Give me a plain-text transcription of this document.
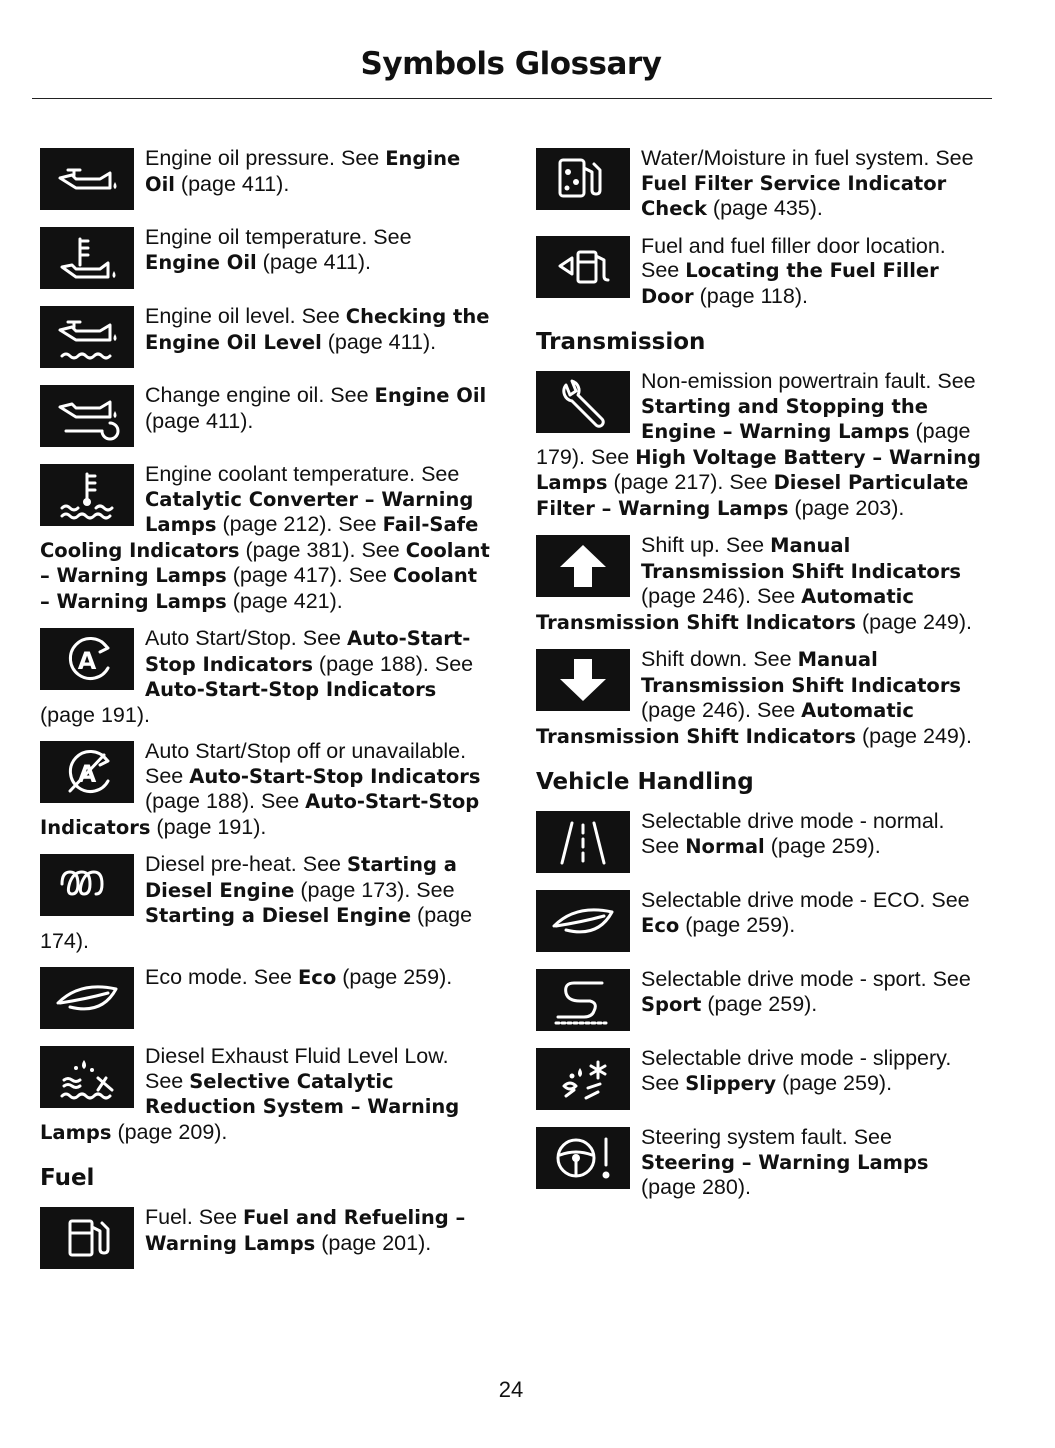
Symbols Glossary
Engine oil pressure. See Engine Oil (page 411).
Engine oil temperature. See Engine Oil (page 411).
Engine oil level. See Checking the Engine Oil Level (page 411).
Change engine oil. See Engine Oil (page 411).
Engine coolant temperature. See Catalytic Converter – Warning Lamps (page 212). See Fail-Safe Cooling Indicators (page 381). See Coolant – Warning Lamps (page 417). See Coolant – Warning Lamps (page 421).
A
Auto Start/Stop. See Auto-Start-Stop Indicators (page 188). See Auto-Start-Stop Indicators (page 191).
A
Auto Start/Stop off or unavailable. See Auto-Start-Stop Indicators (page 188). See Auto-Start-Stop Indicators (page 191).
Diesel pre-heat. See Starting a Diesel Engine (page 173). See Starting a Diesel Engine (page 174).
Eco mode. See Eco (page 259).
Diesel Exhaust Fluid Level Low. See Selective Catalytic Reduction System – Warning Lamps (page 209).
Fuel
Fuel. See Fuel and Refueling – Warning Lamps (page 201).
Water/Moisture in fuel system. See Fuel Filter Service Indicator Check (page 435).
Fuel and fuel filler door location. See Locating the Fuel Filler Door (page 118).
Transmission
Non-emission powertrain fault. See Starting and Stopping the Engine – Warning Lamps (page 179). See High Voltage Battery – Warning Lamps (page 217). See Diesel Particulate Filter – Warning Lamps (page 203).
Shift up. See Manual Transmission Shift Indicators (page 246). See Automatic Transmission Shift Indicators (page 249).
Shift down. See Manual Transmission Shift Indicators (page 246). See Automatic Transmission Shift Indicators (page 249).
Vehicle Handling
Selectable drive mode - normal. See Normal (page 259).
Selectable drive mode - ECO. See Eco (page 259).
Selectable drive mode - sport. See Sport (page 259).
Selectable drive mode - slippery. See Slippery (page 259).
Steering system fault. See Steering – Warning Lamps (page 280).
24
